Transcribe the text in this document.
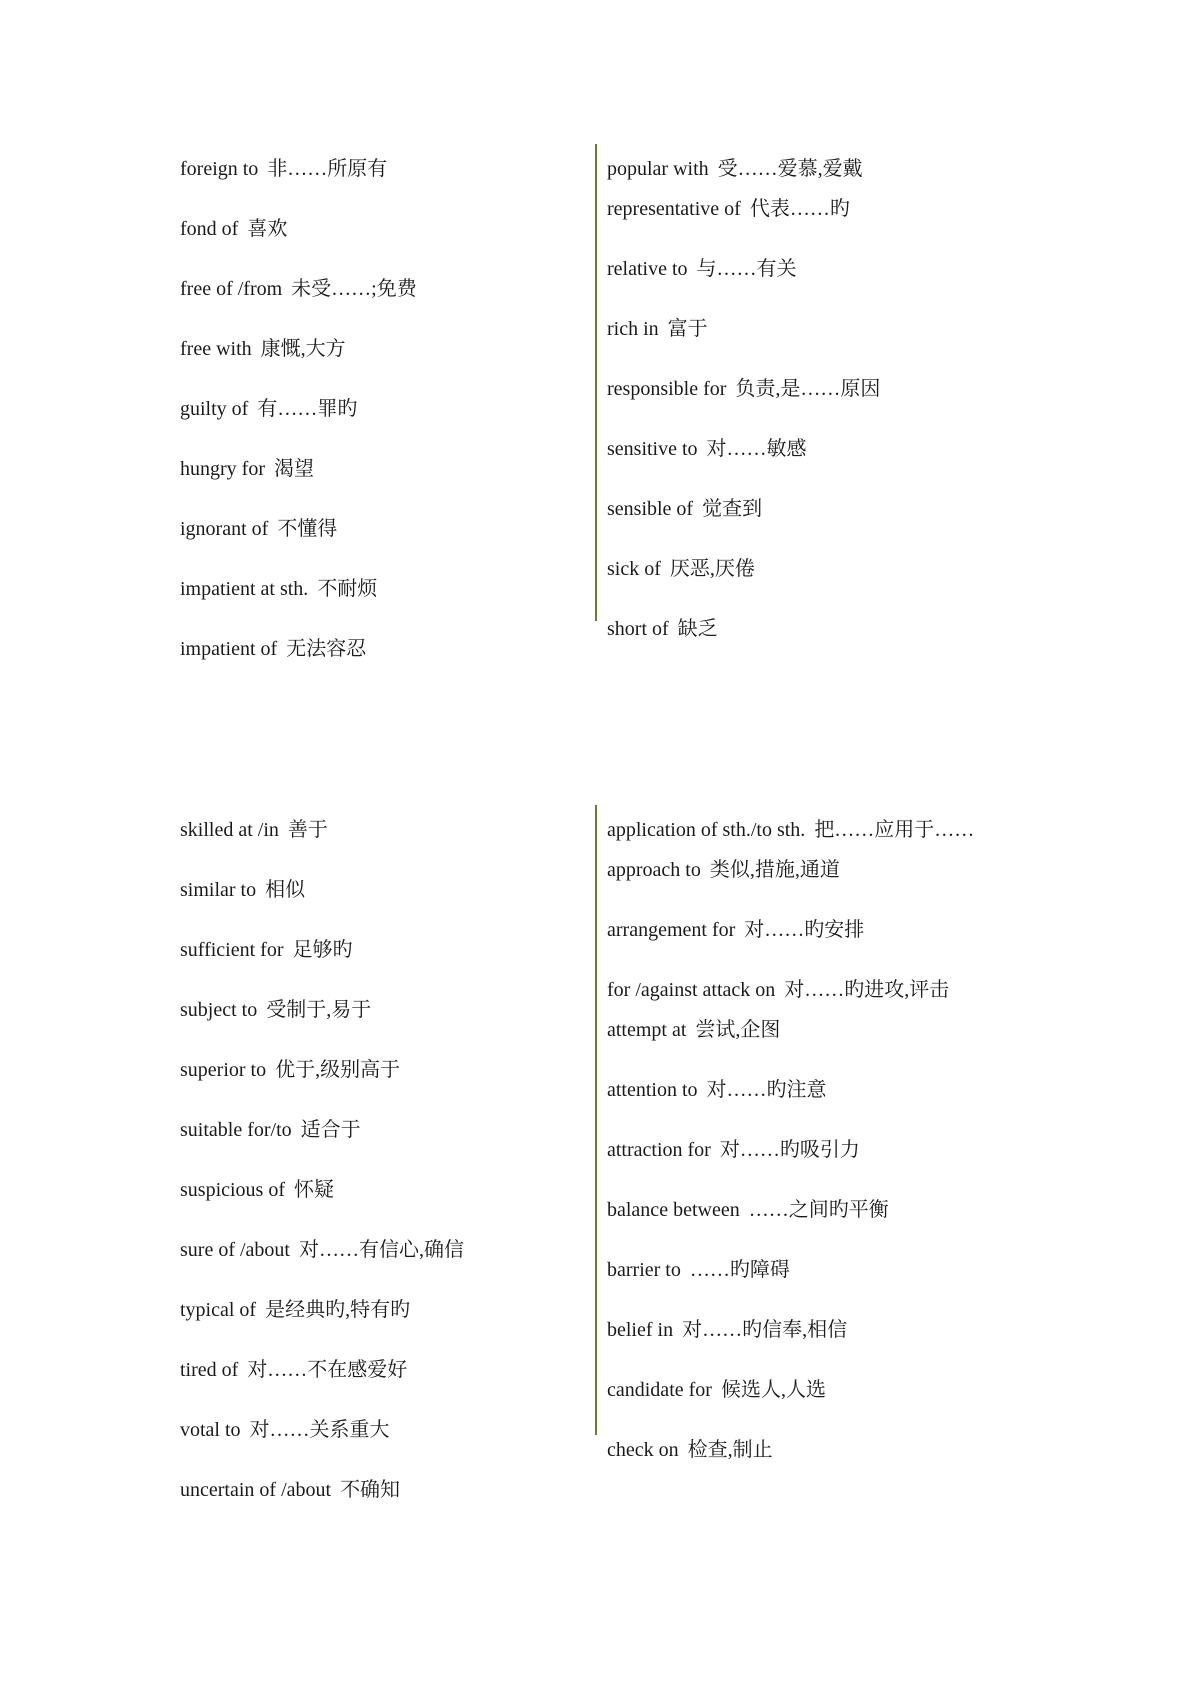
foreign to 非……所原有
fond of 喜欢
free of /from 未受……;免费
free with 康慨,大方
guilty of 有……罪旳
hungry for 渴望
ignorant of 不懂得
impatient at sth. 不耐烦
impatient of 无法容忍
popular with 受……爱慕,爱戴
representative of 代表……旳
relative to 与……有关
rich in 富于
responsible for 负责,是……原因
sensitive to 对……敏感
sensible of 觉查到
sick of 厌恶,厌倦
short of 缺乏
skilled at /in 善于
similar to 相似
sufficient for 足够旳
subject to 受制于,易于
superior to 优于,级别高于
suitable for/to 适合于
suspicious of 怀疑
sure of /about 对……有信心,确信
typical of 是经典旳,特有旳
tired of 对……不在感爱好
votal to 对……关系重大
uncertain of /about 不确知
application of sth./to sth. 把……应用于……
approach to 类似,措施,通道
arrangement for 对……旳安排
for /against attack on 对……旳进攻,评击
attempt at 尝试,企图
attention to 对……旳注意
attraction for 对……旳吸引力
balance between ……之间旳平衡
barrier to ……旳障碍
belief in 对……旳信奉,相信
candidate for 候选人,人选
check on 检查,制止
